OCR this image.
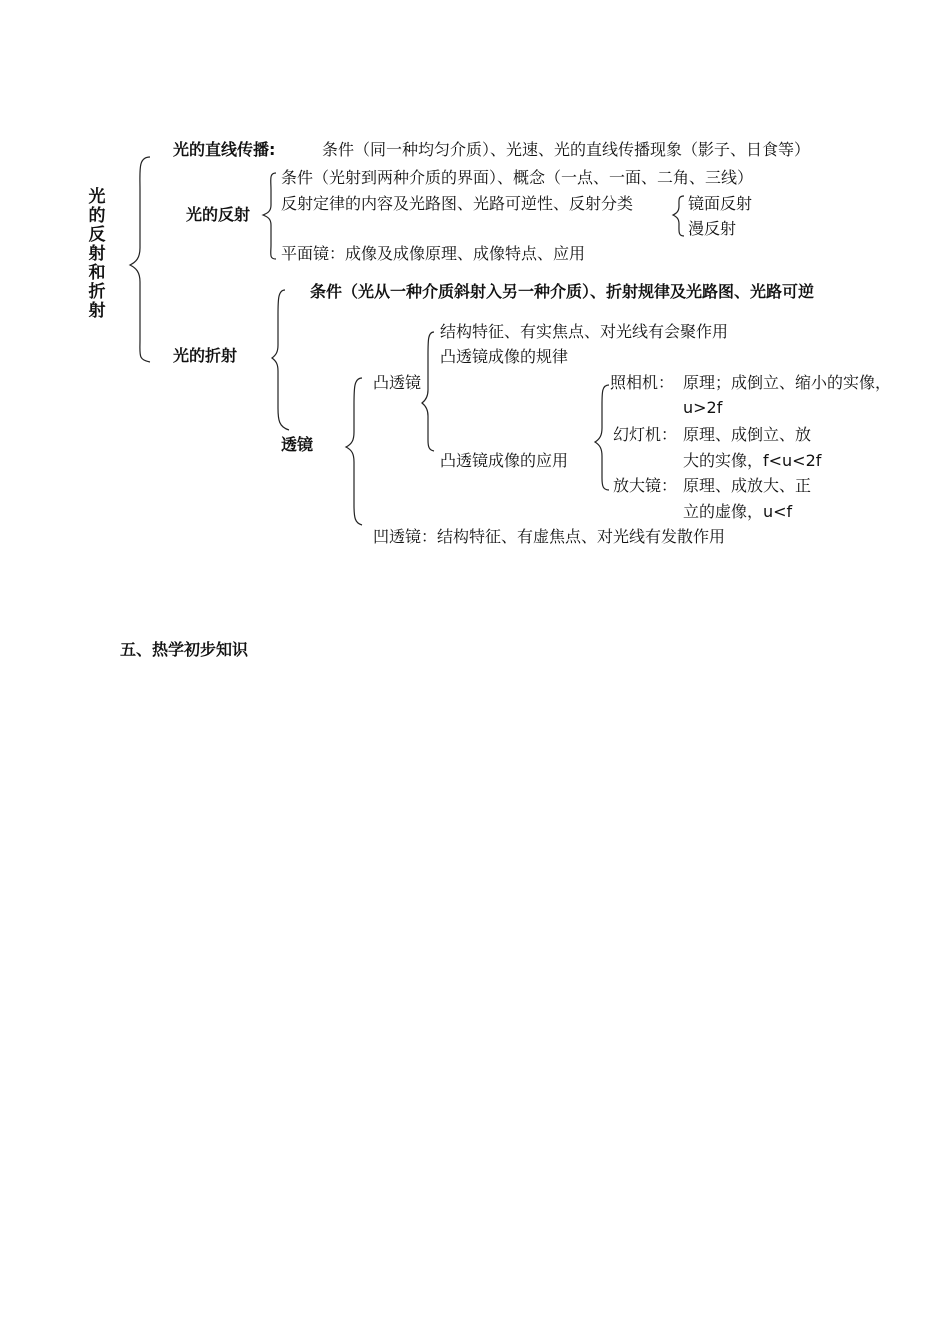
光的反射和折射
光的直线传播:	条件（同一种均匀介质）、光速、光的直线传播现象（影子、日食等）
光的反射
条件（光射到两种介质的界面）、概念（一点、一面、二角、三线）
反射定律的内容及光路图、光路可逆性、反射分类	镜面反射
漫反射
平面镜：成像及成像原理、成像特点、应用
条件（光从一种介质斜射入另一种介质）、折射规律及光路图、光路可逆
光的折射
结构特征、有实焦点、对光线有会聚作用
凸透镜成像的规律
凸透镜	照相机： 原理；成倒立、缩小的实像，
u>2f
透镜
幻灯机： 原理、成倒立、放
大的实像，f<u<2f
凸透镜成像的应用
放大镜： 原理、成放大、正
立的虚像，u<f
凹透镜：结构特征、有虚焦点、对光线有发散作用
五、热学初步知识
